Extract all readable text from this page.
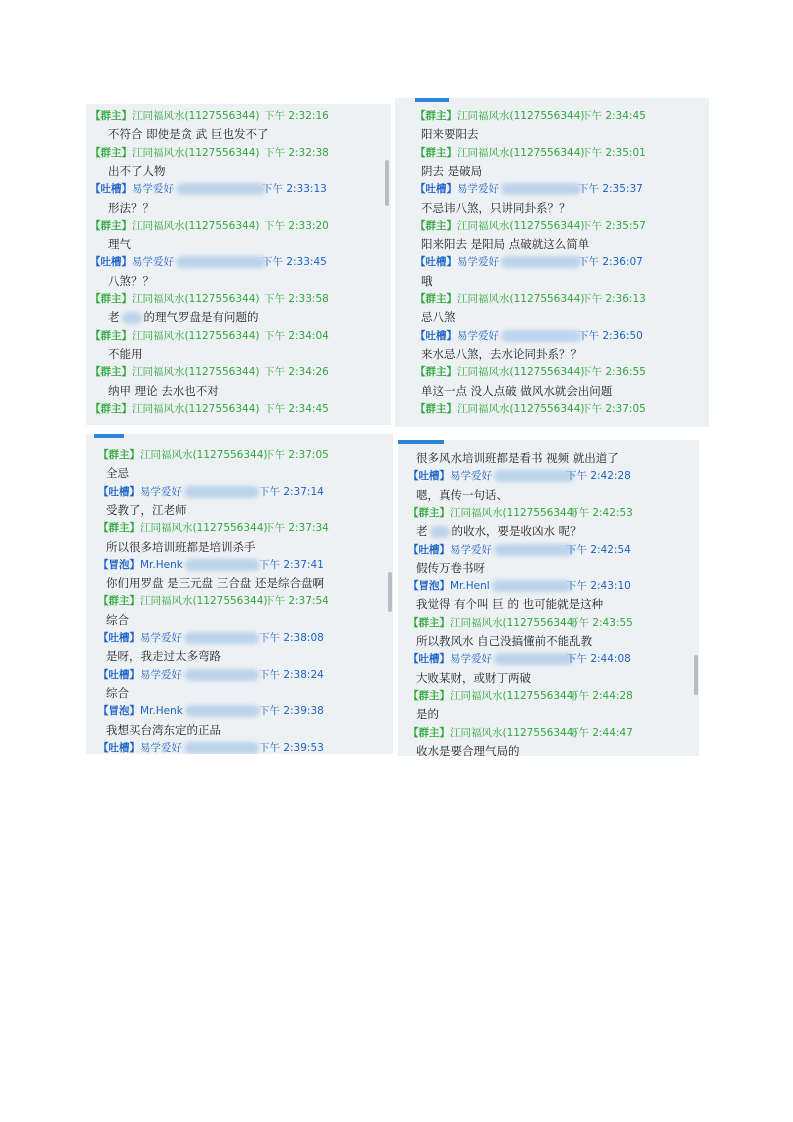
【群主】江同福风水(1127556344) 下午 2:32:16
不符合 即使是贪 武 巨也发不了
【群主】江同福风水(1127556344) 下午 2:32:38
出不了人物
【吐槽】易学爱好	下午 2:33:13
形法？？
【群主】江同福风水(1127556344) 下午 2:33:20
理气
【吐槽】易学爱好	下午 2:33:45
八煞？？
【群主】江同福风水(1127556344) 下午 2:33:58
老 的理气罗盘是有问题的
【群主】江同福风水(1127556344) 下午 2:34:04
不能用
【群主】江同福风水(1127556344) 下午 2:34:26
纳甲 理论 去水也不对
【群主】江同福风水(1127556344) 下午 2:34:45
【群主】江同福风水(1127556344)
下午 2:34:45
阳来要阳去
【群主】江同福风水(1127556344)
下午 2:35:01
阴去 是破局
【吐槽】易学爱好	下午 2:35:37
不忌讳八煞，只讲同卦系？？
【群主】江同福风水(1127556344)
下午 2:35:57
阳来阳去 是阳局 点破就这么简单
【吐槽】易学爱好	下午 2:36:07
哦
【群主】江同福风水(1127556344)
下午 2:36:13
忌八煞
【吐槽】易学爱好	下午 2:36:50
来水忌八煞，去水论同卦系？？
【群主】江同福风水(1127556344)
下午 2:36:55
单这一点 没人点破 做风水就会出问题
【群主】江同福风水(1127556344)
下午 2:37:05
【群主】江同福风水(1127556344)
下午 2:37:05
全忌
【吐槽】易学爱好	下午 2:37:14
受教了，江老师
【群主】江同福风水(1127556344)
下午 2:37:34
所以很多培训班都是培训杀手
【冒泡】Mr.Henk	下午 2:37:41
你们用罗盘 是三元盘 三合盘 还是综合盘啊
【群主】江同福风水(1127556344)
下午 2:37:54
综合
【吐槽】易学爱好	下午 2:38:08
是呀，我走过太多弯路
【吐槽】易学爱好	下午 2:38:24
综合
【冒泡】Mr.Henk	下午 2:39:38
我想买台湾东定的正品
【吐槽】易学爱好	下午 2:39:53
很多风水培训班都是看书 视频 就出道了
【吐槽】易学爱好	下午 2:42:28
嗯，真传一句话、
【群主】江同福风水(1127556344)
下午 2:42:53
老 的收水，要是收凶水 呢？
【吐槽】易学爱好	下午 2:42:54
假传万卷书呀
【冒泡】Mr.Henl	下午 2:43:10
我觉得 有个叫 巨 的 也可能就是这种
【群主】江同福风水(1127556344)
下午 2:43:55
所以教风水 自己没搞懂前不能乱教
【吐槽】易学爱好	下午 2:44:08
大败某财，或财丁两破
【群主】江同福风水(1127556344)
下午 2:44:28
是的
【群主】江同福风水(1127556344)
下午 2:44:47
收水是要合理气局的
